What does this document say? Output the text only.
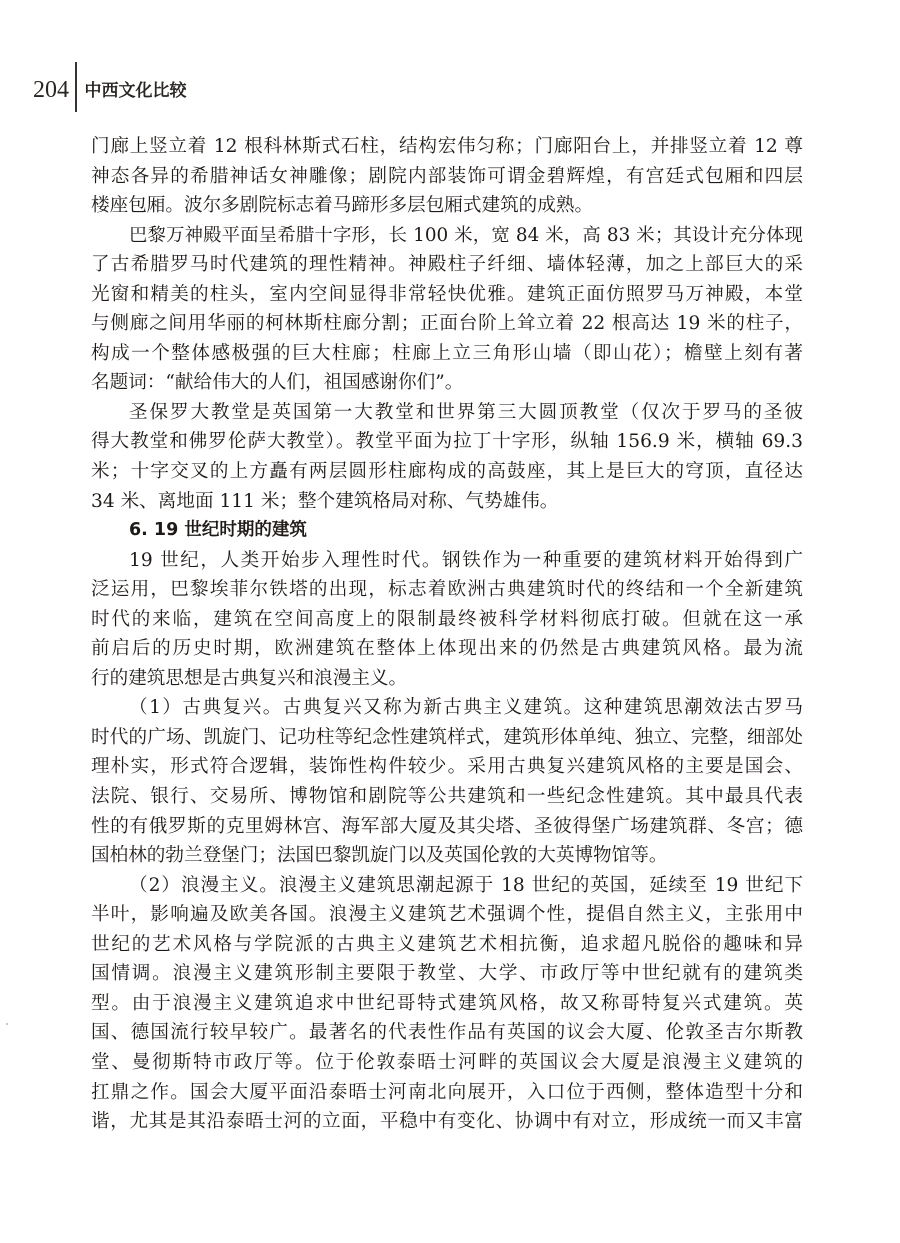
204 中西文化比较
门廊上竖立着 12 根科林斯式石柱，结构宏伟匀称；门廊阳台上，并排竖立着 12 尊
神态各异的希腊神话女神雕像；剧院内部装饰可谓金碧辉煌，有宫廷式包厢和四层
楼座包厢。波尔多剧院标志着马蹄形多层包厢式建筑的成熟。
巴黎万神殿平面呈希腊十字形，长 100 米，宽 84 米，高 83 米；其设计充分体现
了古希腊罗马时代建筑的理性精神。神殿柱子纤细、墙体轻薄，加之上部巨大的采
光窗和精美的柱头，室内空间显得非常轻快优雅。建筑正面仿照罗马万神殿，本堂
与侧廊之间用华丽的柯林斯柱廊分割；正面台阶上耸立着 22 根高达 19 米的柱子，
构成一个整体感极强的巨大柱廊；柱廊上立三角形山墙（即山花）；檐壁上刻有著
名题词：“献给伟大的人们，祖国感谢你们”。
圣保罗大教堂是英国第一大教堂和世界第三大圆顶教堂（仅次于罗马的圣彼
得大教堂和佛罗伦萨大教堂）。教堂平面为拉丁十字形，纵轴 156.9 米，横轴 69.3
米；十字交叉的上方矗有两层圆形柱廊构成的高鼓座，其上是巨大的穹顶，直径达
34 米、离地面 111 米；整个建筑格局对称、气势雄伟。
6. 19 世纪时期的建筑
19 世纪，人类开始步入理性时代。钢铁作为一种重要的建筑材料开始得到广
泛运用，巴黎埃菲尔铁塔的出现，标志着欧洲古典建筑时代的终结和一个全新建筑
时代的来临，建筑在空间高度上的限制最终被科学材料彻底打破。但就在这一承
前启后的历史时期，欧洲建筑在整体上体现出来的仍然是古典建筑风格。最为流
行的建筑思想是古典复兴和浪漫主义。
（1）古典复兴。古典复兴又称为新古典主义建筑。这种建筑思潮效法古罗马
时代的广场、凯旋门、记功柱等纪念性建筑样式，建筑形体单纯、独立、完整，细部处
理朴实，形式符合逻辑，装饰性构件较少。采用古典复兴建筑风格的主要是国会、
法院、银行、交易所、博物馆和剧院等公共建筑和一些纪念性建筑。其中最具代表
性的有俄罗斯的克里姆林宫、海军部大厦及其尖塔、圣彼得堡广场建筑群、冬宫；德
国柏林的勃兰登堡门；法国巴黎凯旋门以及英国伦敦的大英博物馆等。
（2）浪漫主义。浪漫主义建筑思潮起源于 18 世纪的英国，延续至 19 世纪下
半叶，影响遍及欧美各国。浪漫主义建筑艺术强调个性，提倡自然主义，主张用中
世纪的艺术风格与学院派的古典主义建筑艺术相抗衡，追求超凡脱俗的趣味和异
国情调。浪漫主义建筑形制主要限于教堂、大学、市政厅等中世纪就有的建筑类
型。由于浪漫主义建筑追求中世纪哥特式建筑风格，故又称哥特复兴式建筑。英
国、德国流行较早较广。最著名的代表性作品有英国的议会大厦、伦敦圣吉尔斯教
堂、曼彻斯特市政厅等。位于伦敦泰晤士河畔的英国议会大厦是浪漫主义建筑的
扛鼎之作。国会大厦平面沿泰晤士河南北向展开，入口位于西侧，整体造型十分和
谐，尤其是其沿泰晤士河的立面，平稳中有变化、协调中有对立，形成统一而又丰富
